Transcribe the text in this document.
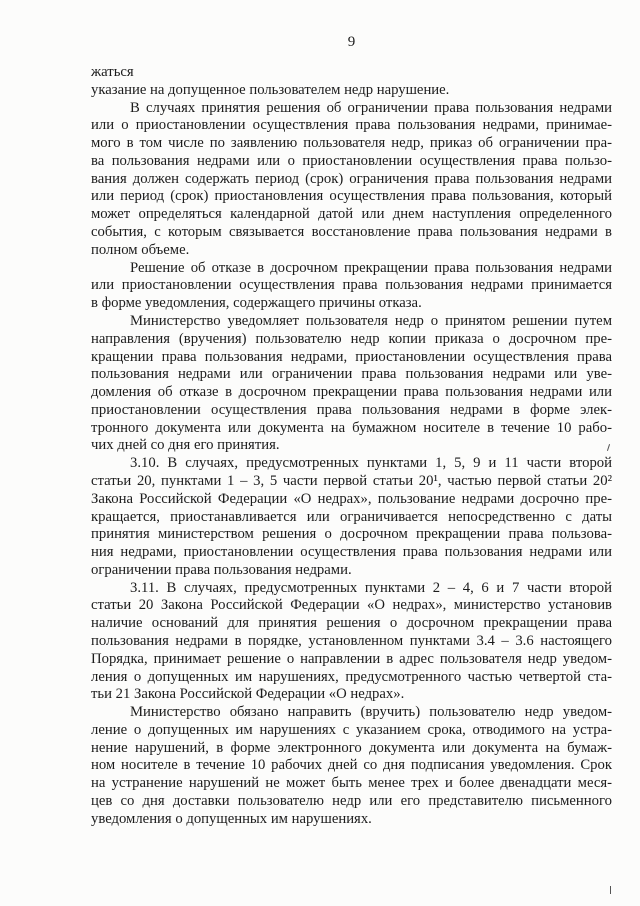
9
жаться
указание на допущенное пользователем недр нарушение.
В случаях принятия решения об ограничении права пользования недрами
или о приостановлении осуществления права пользования недрами, принимае-
мого в том числе по заявлению пользователя недр, приказ об ограничении пра-
ва пользования недрами или о приостановлении осуществления права пользо-
вания должен содержать период (срок) ограничения права пользования недрами
или период (срок) приостановления осуществления права пользования, который
может определяться календарной датой или днем наступления определенного
события, с которым связывается восстановление права пользования недрами в
полном объеме.
Решение об отказе в досрочном прекращении права пользования недрами
или приостановлении осуществления права пользования недрами принимается
в форме уведомления, содержащего причины отказа.
Министерство уведомляет пользователя недр о принятом решении путем
направления (вручения) пользователю недр копии приказа о досрочном пре-
кращении права пользования недрами, приостановлении осуществления права
пользования недрами или ограничении права пользования недрами или уве-
домления об отказе в досрочном прекращении права пользования недрами или
приостановлении осуществления права пользования недрами в форме элек-
тронного документа или документа на бумажном носителе в течение 10 рабо-
чих дней со дня его принятия.
3.10. В случаях, предусмотренных пунктами 1, 5, 9 и 11 части второй
статьи 20, пунктами 1 – 3, 5 части первой статьи 20¹, частью первой статьи 20²
Закона Российской Федерации «О недрах», пользование недрами досрочно пре-
кращается, приостанавливается или ограничивается непосредственно с даты
принятия министерством решения о досрочном прекращении права пользова-
ния недрами, приостановлении осуществления права пользования недрами или
ограничении права пользования недрами.
3.11. В случаях, предусмотренных пунктами 2 – 4, 6 и 7 части второй
статьи 20 Закона Российской Федерации «О недрах», министерство установив
наличие оснований для принятия решения о досрочном прекращении права
пользования недрами в порядке, установленном пунктами 3.4 – 3.6 настоящего
Порядка, принимает решение о направлении в адрес пользователя недр уведом-
ления о допущенных им нарушениях, предусмотренного частью четвертой ста-
тьи 21 Закона Российской Федерации «О недрах».
Министерство обязано направить (вручить) пользователю недр уведом-
ление о допущенных им нарушениях с указанием срока, отводимого на устра-
нение нарушений, в форме электронного документа или документа на бумаж-
ном носителе в течение 10 рабочих дней со дня подписания уведомления. Срок
на устранение нарушений не может быть менее трех и более двенадцати меся-
цев со дня доставки пользователю недр или его представителю письменного
уведомления о допущенных им нарушениях.
